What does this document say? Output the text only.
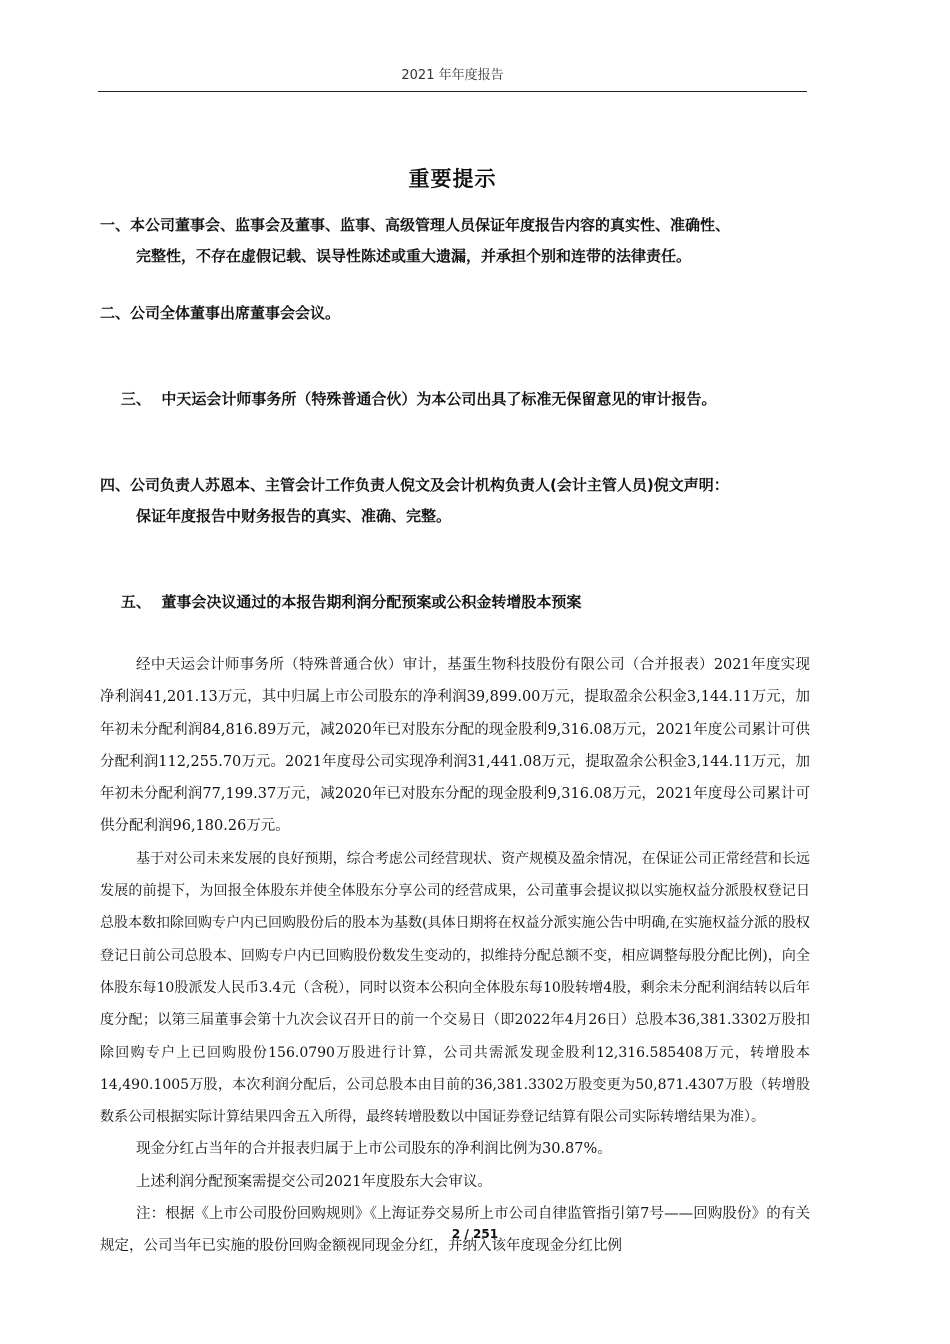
2021 年年度报告
重要提示

一、本公司董事会、监事会及董事、监事、高级管理人员保证年度报告内容的真实性、准确性、
完整性，不存在虚假记载、误导性陈述或重大遗漏，并承担个别和连带的法律责任。

二、公司全体董事出席董事会会议。

三、  中天运会计师事务所（特殊普通合伙）为本公司出具了标准无保留意见的审计报告。

四、公司负责人苏恩本、主管会计工作负责人倪文及会计机构负责人(会计主管人员)倪文声明：
保证年度报告中财务报告的真实、准确、完整。

五、  董事会决议通过的本报告期利润分配预案或公积金转增股本预案

经中天运会计师事务所（特殊普通合伙）审计，基蛋生物科技股份有限公司（合并报表）2021年度实现净利润41,201.13万元，其中归属上市公司股东的净利润39,899.00万元，提取盈余公积金3,144.11万元，加年初未分配利润84,816.89万元，减2020年已对股东分配的现金股利9,316.08万元，2021年度公司累计可供分配利润112,255.70万元。2021年度母公司实现净利润31,441.08万元，提取盈余公积金3,144.11万元，加年初未分配利润77,199.37万元，减2020年已对股东分配的现金股利9,316.08万元，2021年度母公司累计可供分配利润96,180.26万元。

基于对公司未来发展的良好预期，综合考虑公司经营现状、资产规模及盈余情况，在保证公司正常经营和长远发展的前提下，为回报全体股东并使全体股东分享公司的经营成果，公司董事会提议拟以实施权益分派股权登记日总股本数扣除回购专户内已回购股份后的股本为基数(具体日期将在权益分派实施公告中明确,在实施权益分派的股权登记日前公司总股本、回购专户内已回购股份数发生变动的，拟维持分配总额不变，相应调整每股分配比例)，向全体股东每10股派发人民币3.4元（含税），同时以资本公积向全体股东每10股转增4股，剩余未分配利润结转以后年度分配；以第三届董事会第十九次会议召开日的前一个交易日（即2022年4月26日）总股本36,381.3302万股扣除回购专户上已回购股份156.0790万股进行计算，公司共需派发现金股利12,316.585408万元，转增股本14,490.1005万股，本次利润分配后，公司总股本由目前的36,381.3302万股变更为50,871.4307万股（转增股数系公司根据实际计算结果四舍五入所得，最终转增股数以中国证券登记结算有限公司实际转增结果为准）。

现金分红占当年的合并报表归属于上市公司股东的净利润比例为30.87%。

上述利润分配预案需提交公司2021年度股东大会审议。

注：根据《上市公司股份回购规则》《上海证券交易所上市公司自律监管指引第7号——回购股份》的有关规定，公司当年已实施的股份回购金额视同现金分红，并纳入该年度现金分红比例

2 / 251
